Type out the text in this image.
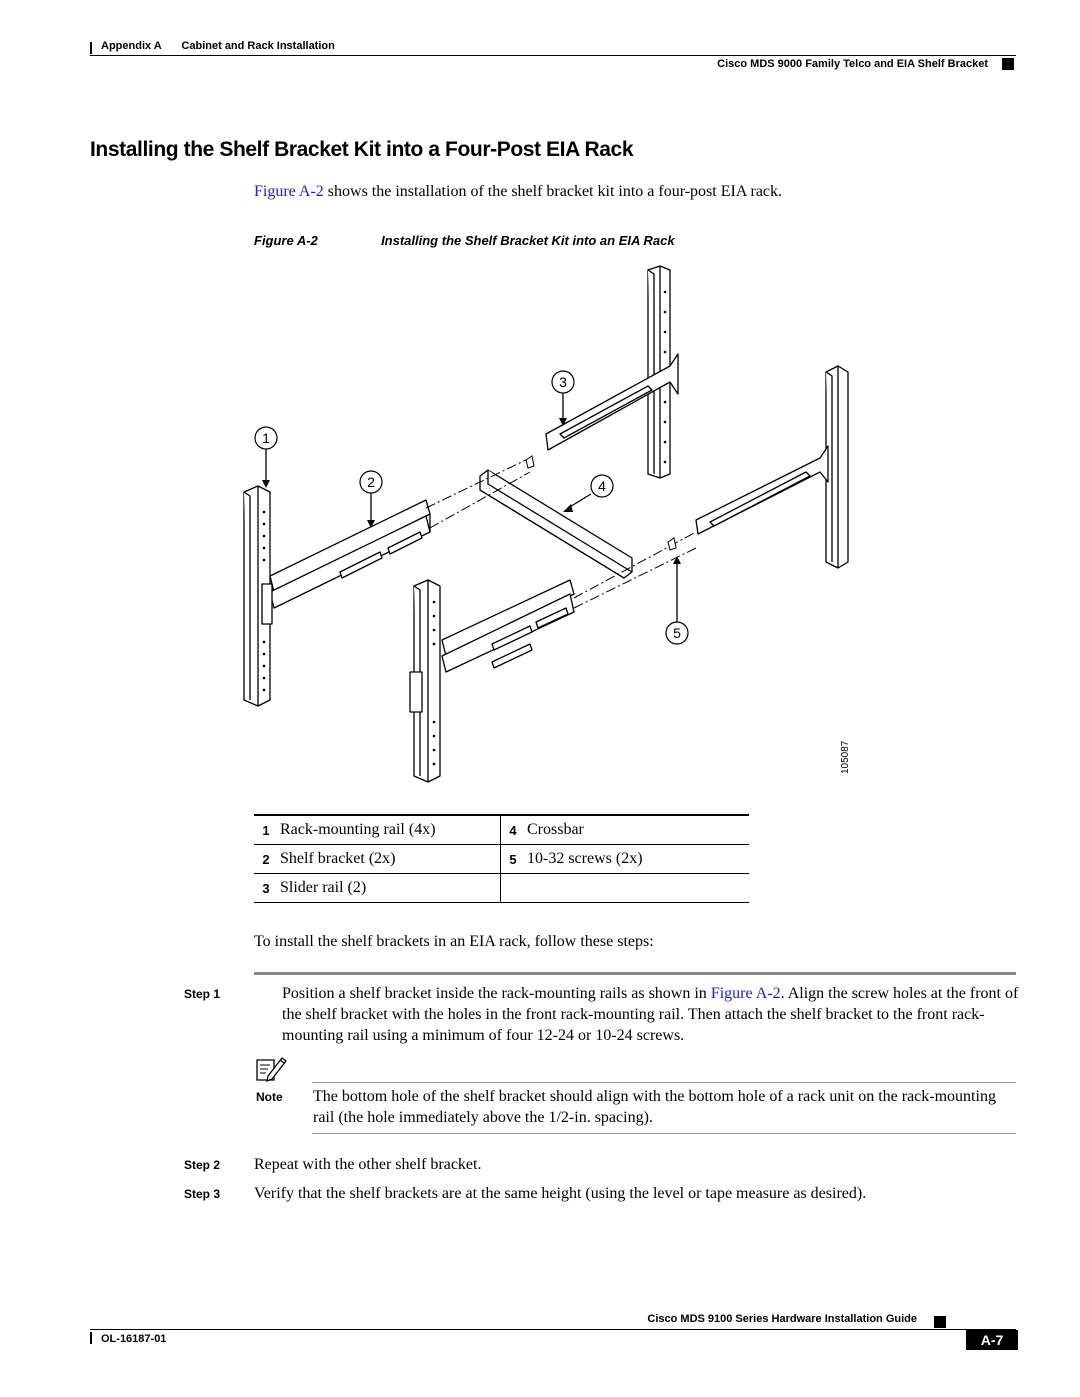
Appendix A Cabinet and Rack Installation
Cisco MDS 9000 Family Telco and EIA Shelf Bracket
Installing the Shelf Bracket Kit into a Four-Post EIA Rack
Figure A-2 shows the installation of the shelf bracket kit into a four-post EIA rack.
Figure A-2	Installing the Shelf Bracket Kit into an EIA Rack
3
1
2	4
5
105087
1	Rack-mounting rail (4x)	4	Crossbar
2	Shelf bracket (2x)	5	10-32 screws (2x)
3	Slider rail (2)		
To install the shelf brackets in an EIA rack, follow these steps:
Step 1	Position a shelf bracket inside the rack-mounting rails as shown in Figure A-2. Align the screw holes at the front of the shelf bracket with the holes in the front rack-mounting rail. Then attach the shelf bracket to the front rack-mounting rail using a minimum of four 12-24 or 10-24 screws.
Note The bottom hole of the shelf bracket should align with the bottom hole of a rack unit on the rack-mounting rail (the hole immediately above the 1/2-in. spacing).
Step 2 Repeat with the other shelf bracket.
Step 3 Verify that the shelf brackets are at the same height (using the level or tape measure as desired).
Cisco MDS 9100 Series Hardware Installation Guide
OL-16187-01	A-7
